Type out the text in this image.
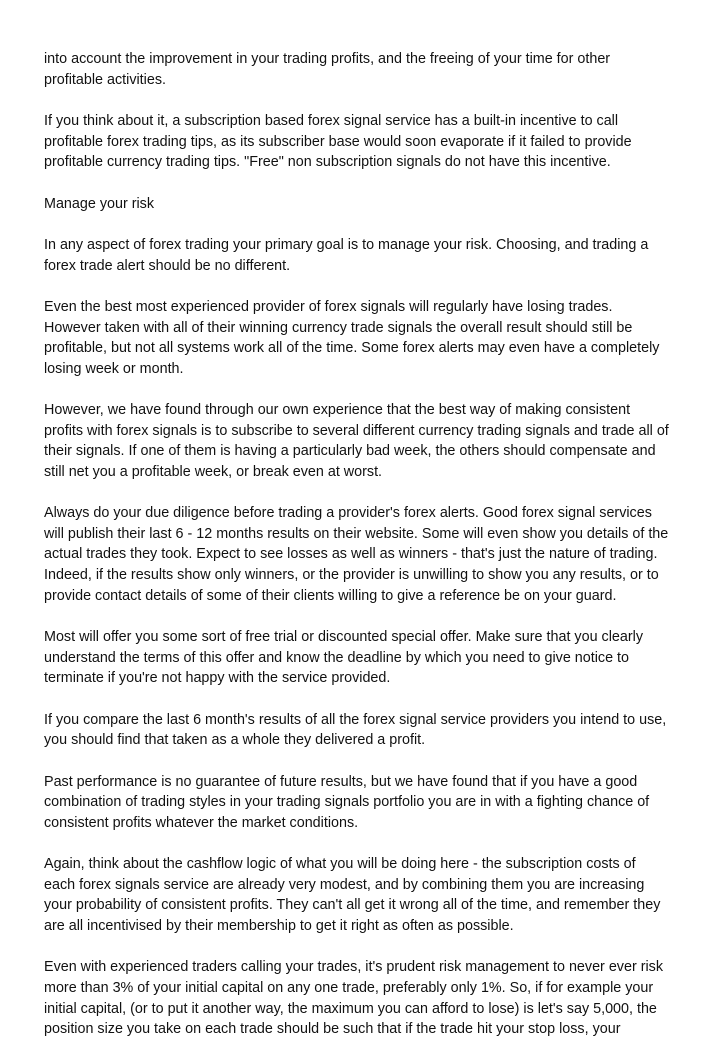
into account the improvement in your trading profits, and the freeing of your time for other
profitable activities.

If you think about it, a subscription based forex signal service has a built-in incentive to call
profitable forex trading tips, as its subscriber base would soon evaporate if it failed to provide
profitable currency trading tips. "Free" non subscription signals do not have this incentive.

Manage your risk

In any aspect of forex trading your primary goal is to manage your risk. Choosing, and trading a
forex trade alert should be no different.

Even the best most experienced provider of forex signals will regularly have losing trades.
However taken with all of their winning currency trade signals the overall result should still be
profitable, but not all systems work all of the time. Some forex alerts may even have a completely
losing week or month.

However, we have found through our own experience that the best way of making consistent
profits with forex signals is to subscribe to several different currency trading signals and trade all of
their signals. If one of them is having a particularly bad week, the others should compensate and
still net you a profitable week, or break even at worst.

Always do your due diligence before trading a provider's forex alerts. Good forex signal services
will publish their last 6 - 12 months results on their website. Some will even show you details of the
actual trades they took. Expect to see losses as well as winners - that's just the nature of trading.
Indeed, if the results show only winners, or the provider is unwilling to show you any results, or to
provide contact details of some of their clients willing to give a reference be on your guard.

Most will offer you some sort of free trial or discounted special offer. Make sure that you clearly
understand the terms of this offer and know the deadline by which you need to give notice to
terminate if you're not happy with the service provided.

If you compare the last 6 month's results of all the forex signal service providers you intend to use,
you should find that taken as a whole they delivered a profit.

Past performance is no guarantee of future results, but we have found that if you have a good
combination of trading styles in your trading signals portfolio you are in with a fighting chance of
consistent profits whatever the market conditions.

Again, think about the cashflow logic of what you will be doing here - the subscription costs of
each forex signals service are already very modest, and by combining them you are increasing
your probability of consistent profits. They can't all get it wrong all of the time, and remember they
are all incentivised by their membership to get it right as often as possible.

Even with experienced traders calling your trades, it's prudent risk management to never ever risk
more than 3% of your initial capital on any one trade, preferably only 1%. So, if for example your
initial capital, (or to put it another way, the maximum you can afford to lose) is let's say 5,000, the
position size you take on each trade should be such that if the trade hit your stop loss, your
